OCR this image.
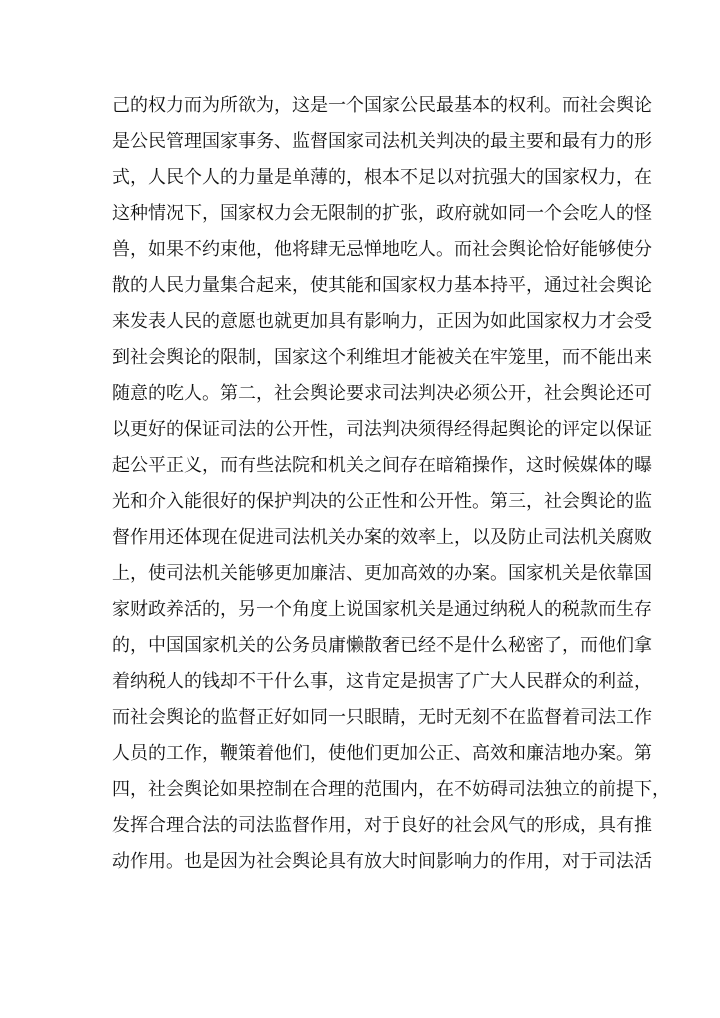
己的权力而为所欲为，这是一个国家公民最基本的权利。而社会舆论
是公民管理国家事务、监督国家司法机关判决的最主要和最有力的形
式，人民个人的力量是单薄的，根本不足以对抗强大的国家权力，在
这种情况下，国家权力会无限制的扩张，政府就如同一个会吃人的怪
兽，如果不约束他，他将肆无忌惮地吃人。而社会舆论恰好能够使分
散的人民力量集合起来，使其能和国家权力基本持平，通过社会舆论
来发表人民的意愿也就更加具有影响力，正因为如此国家权力才会受
到社会舆论的限制，国家这个利维坦才能被关在牢笼里，而不能出来
随意的吃人。第二，社会舆论要求司法判决必须公开，社会舆论还可
以更好的保证司法的公开性，司法判决须得经得起舆论的评定以保证
起公平正义，而有些法院和机关之间存在暗箱操作，这时候媒体的曝
光和介入能很好的保护判决的公正性和公开性。第三，社会舆论的监
督作用还体现在促进司法机关办案的效率上，以及防止司法机关腐败
上，使司法机关能够更加廉洁、更加高效的办案。国家机关是依靠国
家财政养活的，另一个角度上说国家机关是通过纳税人的税款而生存
的，中国国家机关的公务员庸懒散奢已经不是什么秘密了，而他们拿
着纳税人的钱却不干什么事，这肯定是损害了广大人民群众的利益，
而社会舆论的监督正好如同一只眼睛，无时无刻不在监督着司法工作
人员的工作，鞭策着他们，使他们更加公正、高效和廉洁地办案。第
四，社会舆论如果控制在合理的范围内，在不妨碍司法独立的前提下，
发挥合理合法的司法监督作用，对于良好的社会风气的形成，具有推
动作用。也是因为社会舆论具有放大时间影响力的作用，对于司法活
